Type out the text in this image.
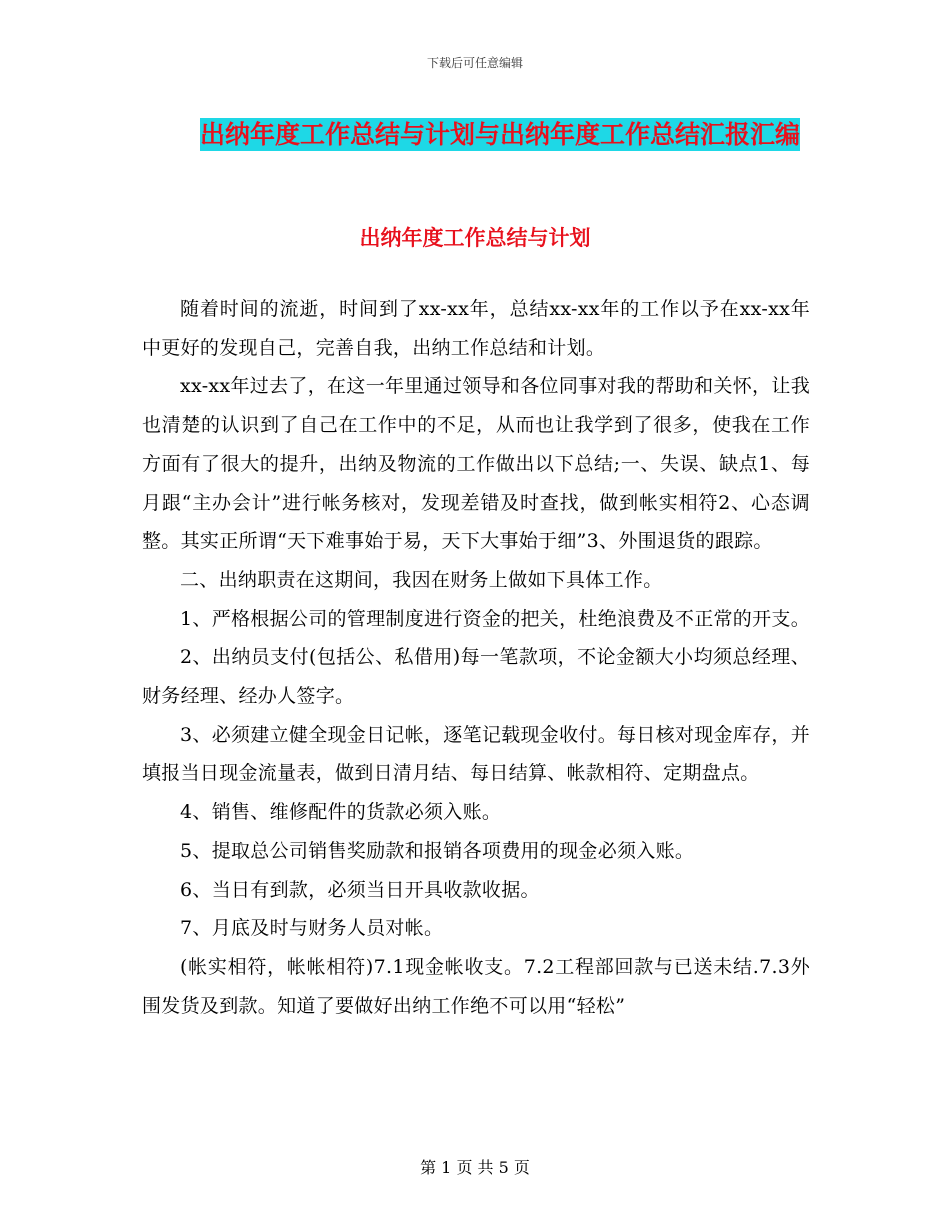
下载后可任意编辑
出纳年度工作总结与计划与出纳年度工作总结汇报汇编
出纳年度工作总结与计划

随着时间的流逝，时间到了xx-xx年，总结xx-xx年的工作以予在xx-xx年中更好的发现自己，完善自我，出纳工作总结和计划。

xx-xx年过去了，在这一年里通过领导和各位同事对我的帮助和关怀，让我也清楚的认识到了自己在工作中的不足，从而也让我学到了很多，使我在工作方面有了很大的提升，出纳及物流的工作做出以下总结;一、失误、缺点1、每月跟“主办会计”进行帐务核对，发现差错及时查找，做到帐实相符2、心态调整。其实正所谓“天下难事始于易，天下大事始于细”3、外围退货的跟踪。

二、出纳职责在这期间，我因在财务上做如下具体工作。

1、严格根据公司的管理制度进行资金的把关，杜绝浪费及不正常的开支。

2、出纳员支付(包括公、私借用)每一笔款项，不论金额大小均须总经理、财务经理、经办人签字。

3、必须建立健全现金日记帐，逐笔记载现金收付。每日核对现金库存，并填报当日现金流量表，做到日清月结、每日结算、帐款相符、定期盘点。

4、销售、维修配件的货款必须入账。

5、提取总公司销售奖励款和报销各项费用的现金必须入账。

6、当日有到款，必须当日开具收款收据。

7、月底及时与财务人员对帐。

(帐实相符，帐帐相符)7.1现金帐收支。7.2工程部回款与已送未结.7.3外围发货及到款。知道了要做好出纳工作绝不可以用“轻松”

第 1 页 共 5 页
